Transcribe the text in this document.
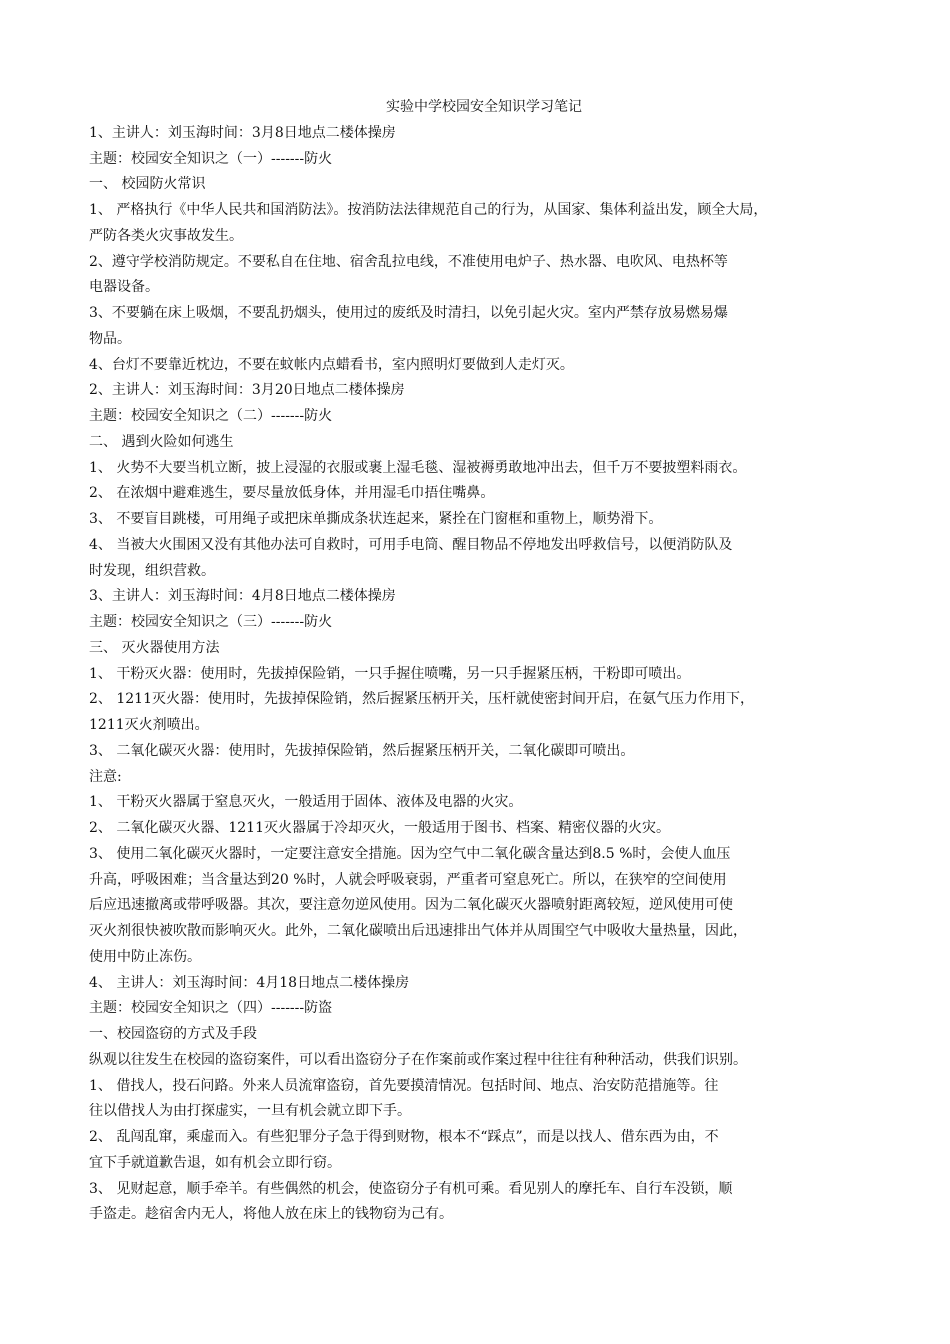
实验中学校园安全知识学习笔记
1、主讲人：刘玉海时间：3月8日地点二楼体操房
主题：校园安全知识之（一）-------防火
一、 校园防火常识
1、 严格执行《中华人民共和国消防法》。按消防法法律规范自己的行为，从国家、集体利益出发，顾全大局，
严防各类火灾事故发生。
2、遵守学校消防规定。不要私自在住地、宿舍乱拉电线，不准使用电炉子、热水器、电吹风、电热杯等
电器设备。
3、不要躺在床上吸烟，不要乱扔烟头，使用过的废纸及时清扫，以免引起火灾。室内严禁存放易燃易爆
物品。
4、台灯不要靠近枕边，不要在蚊帐内点蜡看书，室内照明灯要做到人走灯灭。
2、主讲人：刘玉海时间：3月20日地点二楼体操房
主题：校园安全知识之（二）-------防火
二、 遇到火险如何逃生
1、 火势不大要当机立断，披上浸湿的衣服或裹上湿毛毯、湿被褥勇敢地冲出去，但千万不要披塑料雨衣。
2、 在浓烟中避难逃生，要尽量放低身体，并用湿毛巾捂住嘴鼻。
3、 不要盲目跳楼，可用绳子或把床单撕成条状连起来，紧拴在门窗框和重物上，顺势滑下。
4、 当被大火围困又没有其他办法可自救时，可用手电筒、醒目物品不停地发出呼救信号，以便消防队及
时发现，组织营救。
3、主讲人：刘玉海时间：4月8日地点二楼体操房
主题：校园安全知识之（三）-------防火
三、 灭火器使用方法
1、 干粉灭火器：使用时，先拔掉保险销，一只手握住喷嘴，另一只手握紧压柄，干粉即可喷出。
2、 1211灭火器：使用时，先拔掉保险销，然后握紧压柄开关，压杆就使密封间开启，在氨气压力作用下，
1211灭火剂喷出。
3、 二氧化碳灭火器：使用时，先拔掉保险销，然后握紧压柄开关，二氧化碳即可喷出。
注意:
1、 干粉灭火器属于窒息灭火，一般适用于固体、液体及电器的火灾。
2、 二氧化碳灭火器、1211灭火器属于冷却灭火，一般适用于图书、档案、精密仪器的火灾。
3、 使用二氧化碳灭火器时，一定要注意安全措施。因为空气中二氧化碳含量达到8.5 %时，会使人血压
升高，呼吸困难；当含量达到20 %时，人就会呼吸衰弱，严重者可窒息死亡。所以，在狭窄的空间使用
后应迅速撤离或带呼吸器。其次，要注意勿逆风使用。因为二氧化碳灭火器喷射距离较短，逆风使用可使
灭火剂很快被吹散而影响灭火。此外，二氧化碳喷出后迅速排出气体并从周围空气中吸收大量热量，因此，
使用中防止冻伤。
4、 主讲人：刘玉海时间：4月18日地点二楼体操房
主题：校园安全知识之（四）-------防盗
一、校园盗窃的方式及手段
纵观以往发生在校园的盗窃案件，可以看出盗窃分子在作案前或作案过程中往往有种种活动，供我们识别。
1、 借找人，投石问路。外来人员流窜盗窃，首先要摸清情况。包括时间、地点、治安防范措施等。往
往以借找人为由打探虚实，一旦有机会就立即下手。
2、 乱闯乱窜，乘虚而入。有些犯罪分子急于得到财物，根本不“踩点”，而是以找人、借东西为由，不
宜下手就道歉告退，如有机会立即行窃。
3、 见财起意，顺手牵羊。有些偶然的机会，使盗窃分子有机可乘。看见别人的摩托车、自行车没锁，顺
手盗走。趁宿舍内无人，将他人放在床上的钱物窃为己有。
